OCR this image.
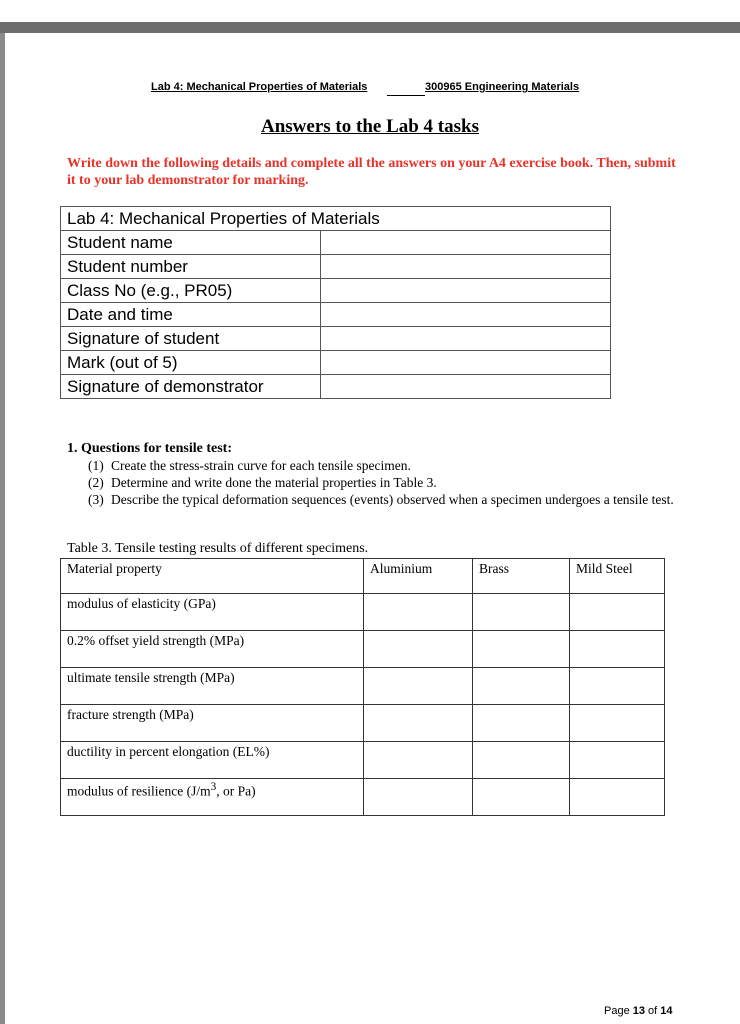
Lab 4: Mechanical Properties of Materials	300965 Engineering Materials
Answers to the Lab 4 tasks
Write down the following details and complete all the answers on your A4 exercise book. Then, submit it to your lab demonstrator for marking.
Lab 4: Mechanical Properties of Materials	
Student name	
Student number	
Class No (e.g., PR05)	
Date and time	
Signature of student	
Mark (out of 5)	
Signature of demonstrator	
1. Questions for tensile test:
(1) Create the stress-strain curve for each tensile specimen.
(2) Determine and write done the material properties in Table 3.
(3) Describe the typical deformation sequences (events) observed when a specimen undergoes a tensile test.
Table 3. Tensile testing results of different specimens.
Material property	Aluminium	Brass	Mild Steel
modulus of elasticity (GPa)			
0.2% offset yield strength (MPa)			
ultimate tensile strength (MPa)			
fracture strength (MPa)			
ductility in percent elongation (EL%)			
modulus of resilience ($J/m^3$, or Pa)			
Page 13 of 14
